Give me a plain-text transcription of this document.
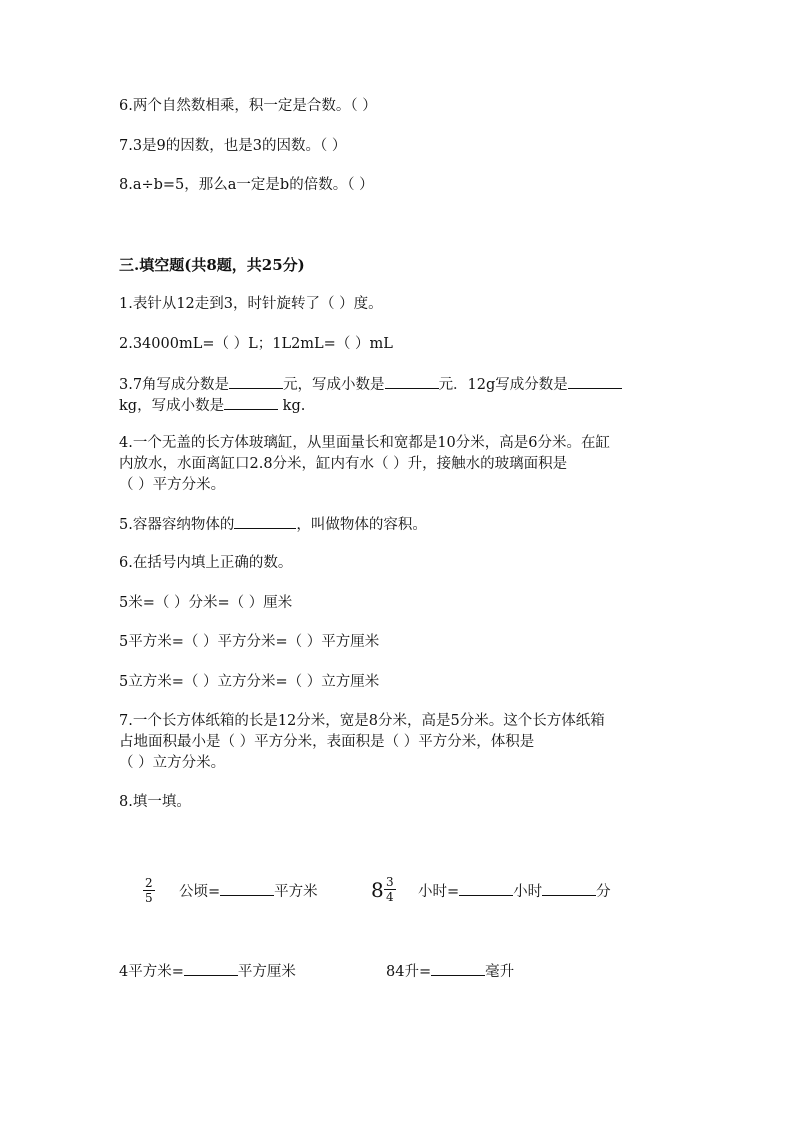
6.两个自然数相乘，积一定是合数。（ ）
7.3是9的因数，也是3的因数。（ ）
8.a÷b=5，那么a一定是b的倍数。（ ）
三.填空题(共8题，共25分)
1.表针从12走到3，时针旋转了（ ）度。
2.34000mL=（ ）L；1L2mL=（ ）mL
3.7角写成分数是	元，写成小数是	元．12g写成分数是
kg，写成小数是	kg.
4.一个无盖的长方体玻璃缸，从里面量长和宽都是10分米，高是6分米。在缸
内放水，水面离缸口2.8分米，缸内有水（ ）升，接触水的玻璃面积是
（ ）平方分米。
5.容器容纳物体的	，叫做物体的容积。
6.在括号内填上正确的数。
5米=（ ）分米=（ ）厘米
5平方米=（ ）平方分米=（ ）平方厘米
5立方米=（ ）立方分米=（ ）立方厘米
7.一个长方体纸箱的长是12分米，宽是8分米，高是5分米。这个长方体纸箱
占地面积最小是（ ）平方分米，表面积是（ ）平方分米，体积是
（ ）立方分米。
8.填一填。
$\frac{2}{5}$ 公顷=	平方米	$8 \frac{3}{4}$ 小时=	小时	分
4平方米=	平方厘米	84升=	毫升
